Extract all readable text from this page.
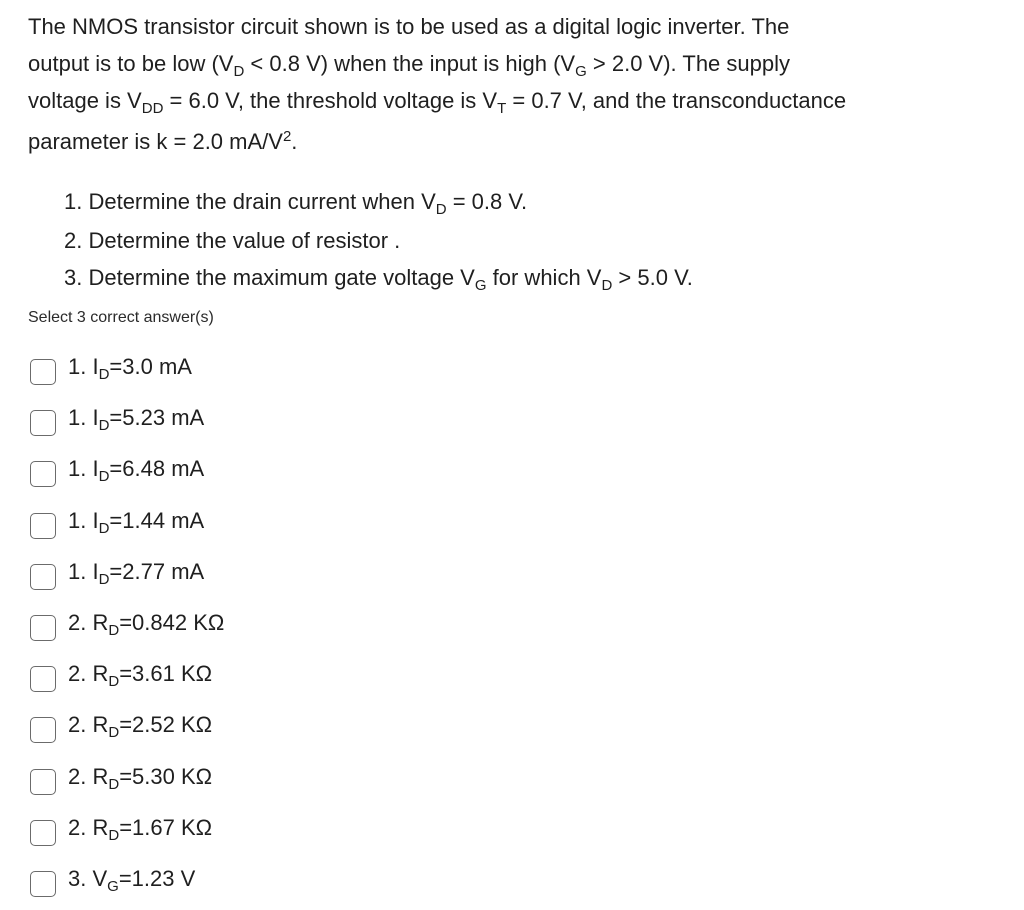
The NMOS transistor circuit shown is to be used as a digital logic inverter. The
output is to be low ($V_D < 0.8$ V) when the input is high ($V_G > 2.0$ V). The supply
voltage is $V_{DD} = 6.0$ V, the threshold voltage is $V_T = 0.7$ V, and the transconductance
parameter is k = 2.0 $mA/V^2$.
1. Determine the drain current when $V_D = 0.8$ V.
2. Determine the value of resistor .
3. Determine the maximum gate voltage $V_G$ for which $V_D > 5.0$ V.
Select 3 correct answer(s)
1. $I_D=3.0$ mA
1. $I_D=5.23$ mA
1. $I_D=6.48$ mA
1. $I_D=1.44$ mA
1. $I_D=2.77$ mA
2. $R_D=0.842$ KΩ
2. $R_D=3.61$ KΩ
2. $R_D=2.52$ KΩ
2. $R_D=5.30$ KΩ
2. $R_D=1.67$ KΩ
3. $V_G=1.23$ V
